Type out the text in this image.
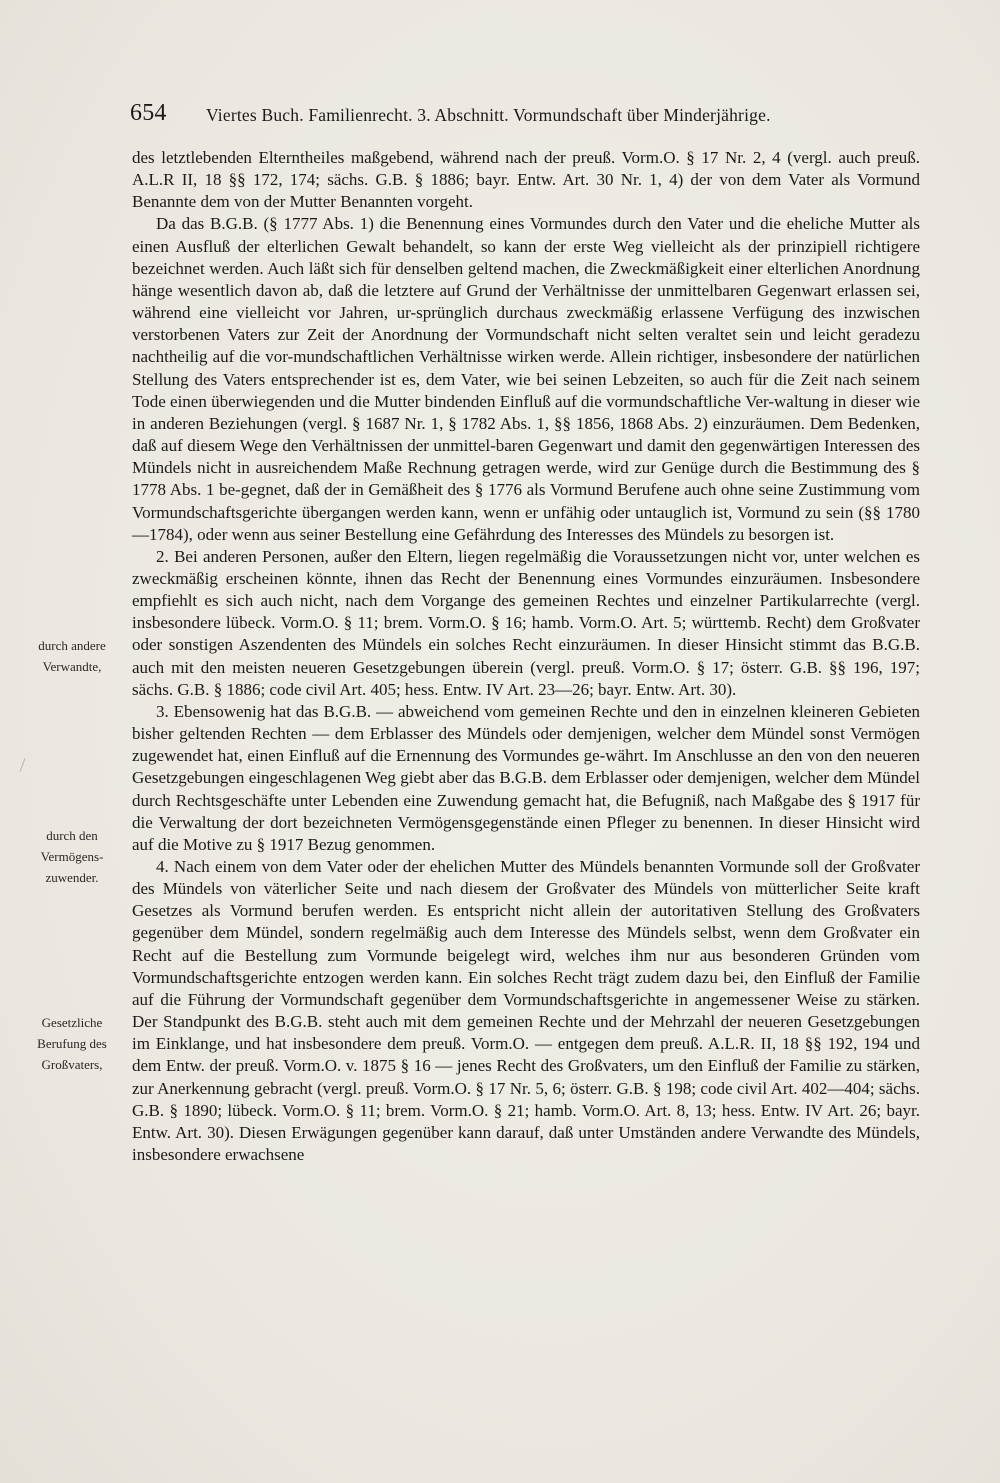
654 Viertes Buch. Familienrecht. 3. Abschnitt. Vormundschaft über Minderjährige.
durch andere Verwandte,
durch den Vermögens-zuwender.
Gesetzliche Berufung des Großvaters,

des letztlebenden Elterntheiles maßgebend, während nach der preuß. Vorm.O. § 17 Nr. 2, 4 (vergl. auch preuß. A.L.R II, 18 §§ 172, 174; sächs. G.B. § 1886; bayr. Entw. Art. 30 Nr. 1, 4) der von dem Vater als Vormund Benannte dem von der Mutter Benannten vorgeht.

Da das B.G.B. (§ 1777 Abs. 1) die Benennung eines Vormundes durch den Vater und die eheliche Mutter als einen Ausfluß der elterlichen Gewalt behandelt, so kann der erste Weg vielleicht als der prinzipiell richtigere bezeichnet werden. Auch läßt sich für denselben geltend machen, die Zweckmäßigkeit einer elterlichen Anordnung hänge wesentlich davon ab, daß die letztere auf Grund der Verhältnisse der unmittelbaren Gegenwart erlassen sei, während eine vielleicht vor Jahren, ur-sprünglich durchaus zweckmäßig erlassene Verfügung des inzwischen verstorbenen Vaters zur Zeit der Anordnung der Vormundschaft nicht selten veraltet sein und leicht geradezu nachtheilig auf die vor-mundschaftlichen Verhältnisse wirken werde. Allein richtiger, insbesondere der natürlichen Stellung des Vaters entsprechender ist es, dem Vater, wie bei seinen Lebzeiten, so auch für die Zeit nach seinem Tode einen überwiegenden und die Mutter bindenden Einfluß auf die vormundschaftliche Ver-waltung in dieser wie in anderen Beziehungen (vergl. § 1687 Nr. 1, § 1782 Abs. 1, §§ 1856, 1868 Abs. 2) einzuräumen. Dem Bedenken, daß auf diesem Wege den Verhältnissen der unmittel-baren Gegenwart und damit den gegenwärtigen Interessen des Mündels nicht in ausreichendem Maße Rechnung getragen werde, wird zur Genüge durch die Bestimmung des § 1778 Abs. 1 be-gegnet, daß der in Gemäßheit des § 1776 als Vormund Berufene auch ohne seine Zustimmung vom Vormundschaftsgerichte übergangen werden kann, wenn er unfähig oder untauglich ist, Vormund zu sein (§§ 1780—1784), oder wenn aus seiner Bestellung eine Gefährdung des Interesses des Mündels zu besorgen ist.

2. Bei anderen Personen, außer den Eltern, liegen regelmäßig die Voraussetzungen nicht vor, unter welchen es zweckmäßig erscheinen könnte, ihnen das Recht der Benennung eines Vormundes einzuräumen. Insbesondere empfiehlt es sich auch nicht, nach dem Vorgange des gemeinen Rechtes und einzelner Partikularrechte (vergl. insbesondere lübeck. Vorm.O. § 11; brem. Vorm.O. § 16; hamb. Vorm.O. Art. 5; württemb. Recht) dem Großvater oder sonstigen Aszendenten des Mündels ein solches Recht einzuräumen. In dieser Hinsicht stimmt das B.G.B. auch mit den meisten neueren Gesetzgebungen überein (vergl. preuß. Vorm.O. § 17; österr. G.B. §§ 196, 197; sächs. G.B. § 1886; code civil Art. 405; hess. Entw. IV Art. 23—26; bayr. Entw. Art. 30).

3. Ebensowenig hat das B.G.B. — abweichend vom gemeinen Rechte und den in einzelnen kleineren Gebieten bisher geltenden Rechten — dem Erblasser des Mündels oder demjenigen, welcher dem Mündel sonst Vermögen zugewendet hat, einen Einfluß auf die Ernennung des Vormundes ge-währt. Im Anschlusse an den von den neueren Gesetzgebungen eingeschlagenen Weg giebt aber das B.G.B. dem Erblasser oder demjenigen, welcher dem Mündel durch Rechtsgeschäfte unter Lebenden eine Zuwendung gemacht hat, die Befugniß, nach Maßgabe des § 1917 für die Verwaltung der dort bezeichneten Vermögensgegenstände einen Pfleger zu benennen. In dieser Hinsicht wird auf die Motive zu § 1917 Bezug genommen.

4. Nach einem von dem Vater oder der ehelichen Mutter des Mündels benannten Vormunde soll der Großvater des Mündels von väterlicher Seite und nach diesem der Großvater des Mündels von mütterlicher Seite kraft Gesetzes als Vormund berufen werden. Es entspricht nicht allein der autoritativen Stellung des Großvaters gegenüber dem Mündel, sondern regelmäßig auch dem Interesse des Mündels selbst, wenn dem Großvater ein Recht auf die Bestellung zum Vormunde beigelegt wird, welches ihm nur aus besonderen Gründen vom Vormundschaftsgerichte entzogen werden kann. Ein solches Recht trägt zudem dazu bei, den Einfluß der Familie auf die Führung der Vormundschaft gegenüber dem Vormundschaftsgerichte in angemessener Weise zu stärken. Der Standpunkt des B.G.B. steht auch mit dem gemeinen Rechte und der Mehrzahl der neueren Gesetzgebungen im Einklange, und hat insbesondere dem preuß. Vorm.O. — entgegen dem preuß. A.L.R. II, 18 §§ 192, 194 und dem Entw. der preuß. Vorm.O. v. 1875 § 16 — jenes Recht des Großvaters, um den Einfluß der Familie zu stärken, zur Anerkennung gebracht (vergl. preuß. Vorm.O. § 17 Nr. 5, 6; österr. G.B. § 198; code civil Art. 402—404; sächs. G.B. § 1890; lübeck. Vorm.O. § 11; brem. Vorm.O. § 21; hamb. Vorm.O. Art. 8, 13; hess. Entw. IV Art. 26; bayr. Entw. Art. 30). Diesen Erwägungen gegenüber kann darauf, daß unter Umständen andere Verwandte des Mündels, insbesondere erwachsene
